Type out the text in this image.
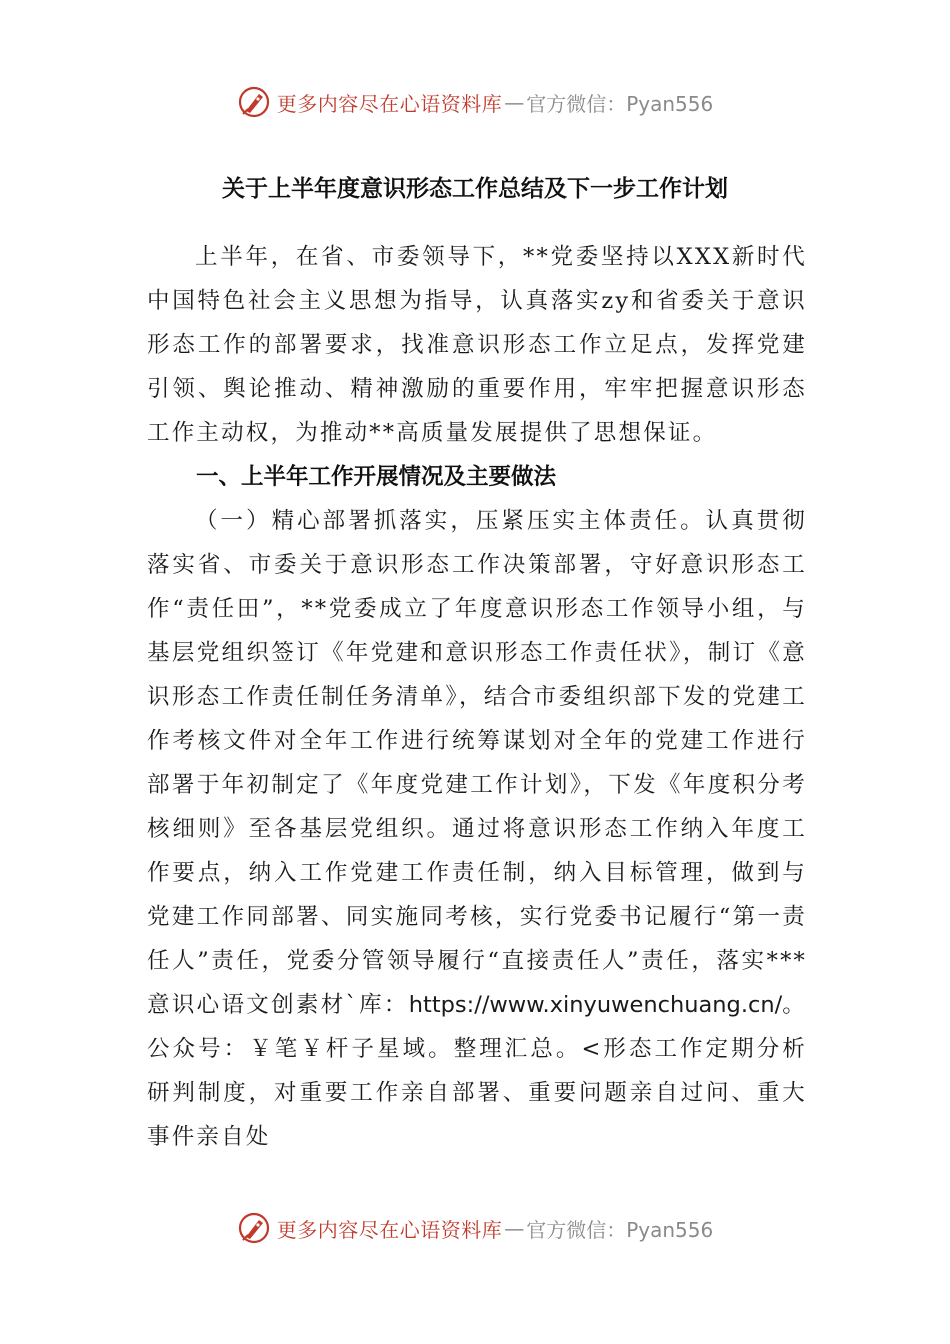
更多内容尽在心语资料库 — 官方微信：Pyan556
关于上半年度意识形态工作总结及下一步工作计划
上半年，在省、市委领导下，**党委坚持以XXX新时代中国特色社会主义思想为指导，认真落实zy和省委关于意识形态工作的部署要求，找准意识形态工作立足点，发挥党建引领、舆论推动、精神激励的重要作用，牢牢把握意识形态工作主动权，为推动**高质量发展提供了思想保证。
一、上半年工作开展情况及主要做法
（一）精心部署抓落实，压紧压实主体责任。认真贯彻落实省、市委关于意识形态工作决策部署，守好意识形态工作“责任田”，**党委成立了年度意识形态工作领导小组，与基层党组织签订《年党建和意识形态工作责任状》，制订《意识形态工作责任制任务清单》，结合市委组织部下发的党建工作考核文件对全年工作进行统筹谋划对全年的党建工作进行部署于年初制定了《年度党建工作计划》，下发《年度积分考核细则》至各基层党组织。通过将意识形态工作纳入年度工作要点，纳入工作党建工作责任制，纳入目标管理，做到与党建工作同部署、同实施同考核，实行党委书记履行“第一责任人”责任，党委分管领导履行“直接责任人”责任，落实***意识心语文创素材`库：https://www.xinyuwenchuang.cn/。公众号：￥笔￥杆子星域。整理汇总。<形态工作定期分析研判制度，对重要工作亲自部署、重要问题亲自过问、重大事件亲自处
更多内容尽在心语资料库 — 官方微信：Pyan556
